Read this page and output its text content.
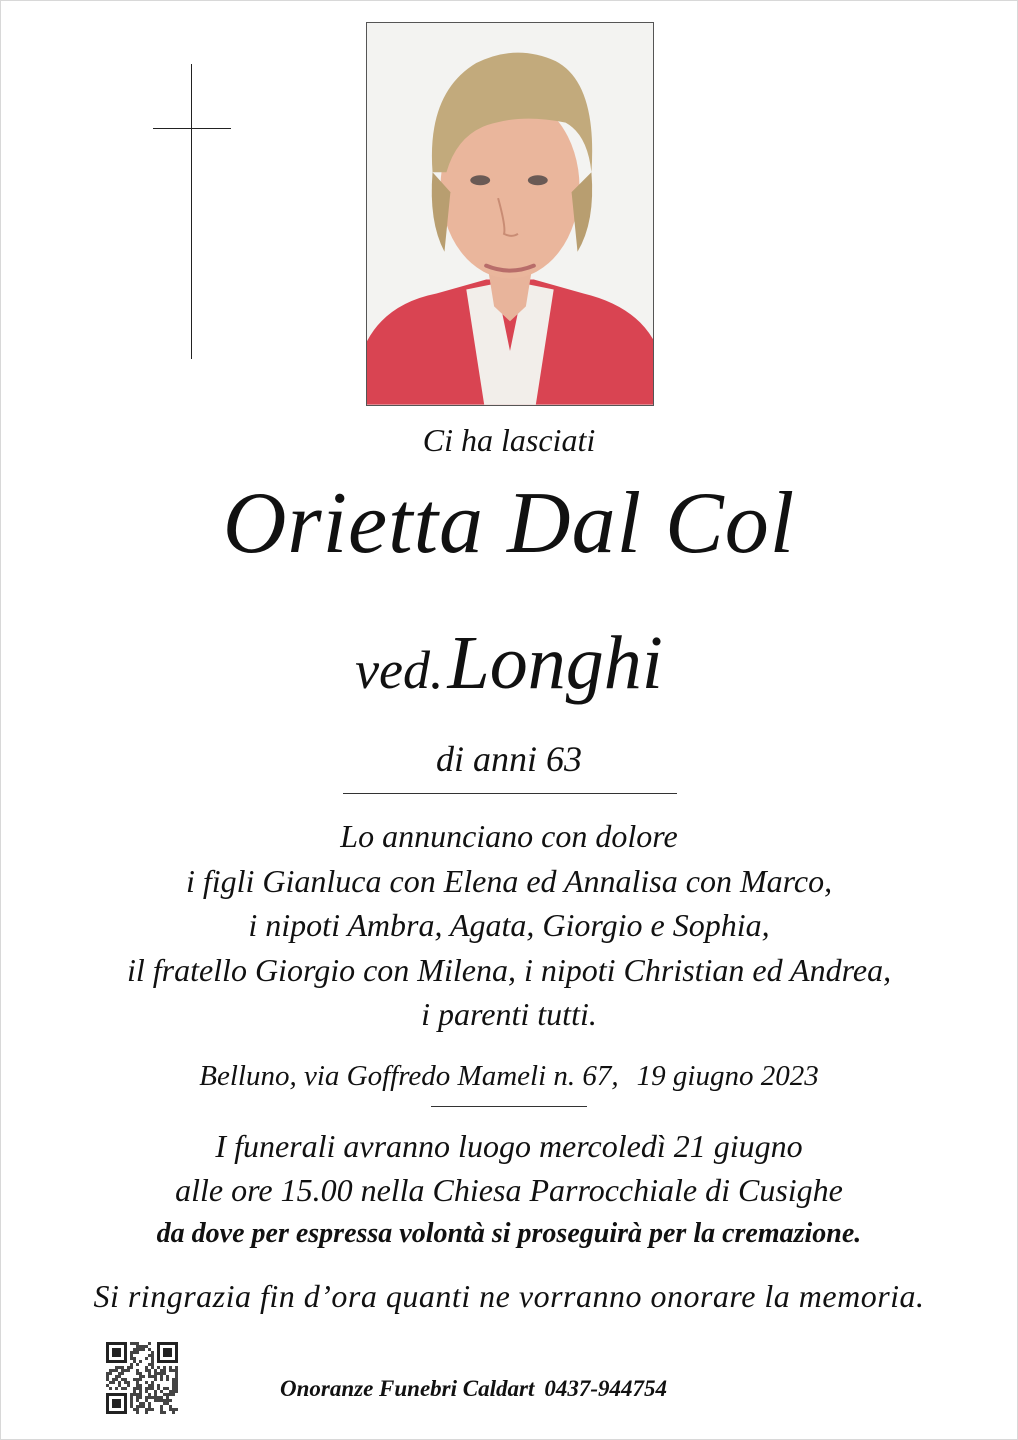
Ci ha lasciati
Orietta Dal Col
ved. Longhi
di anni 63
Lo annunciano con dolore
i figli Gianluca con Elena ed Annalisa con Marco,
i nipoti Ambra, Agata, Giorgio e Sophia,
il fratello Giorgio con Milena, i nipoti Christian ed Andrea,
i parenti tutti.
Belluno, via Goffredo Mameli n. 67, 19 giugno 2023
I funerali avranno luogo mercoledì 21 giugno
alle ore 15.00 nella Chiesa Parrocchiale di Cusighe
da dove per espressa volontà si proseguirà per la cremazione.
Si ringrazia fin d’ora quanti ne vorranno onorare la memoria.
Onoranze Funebri Caldart 0437-944754
